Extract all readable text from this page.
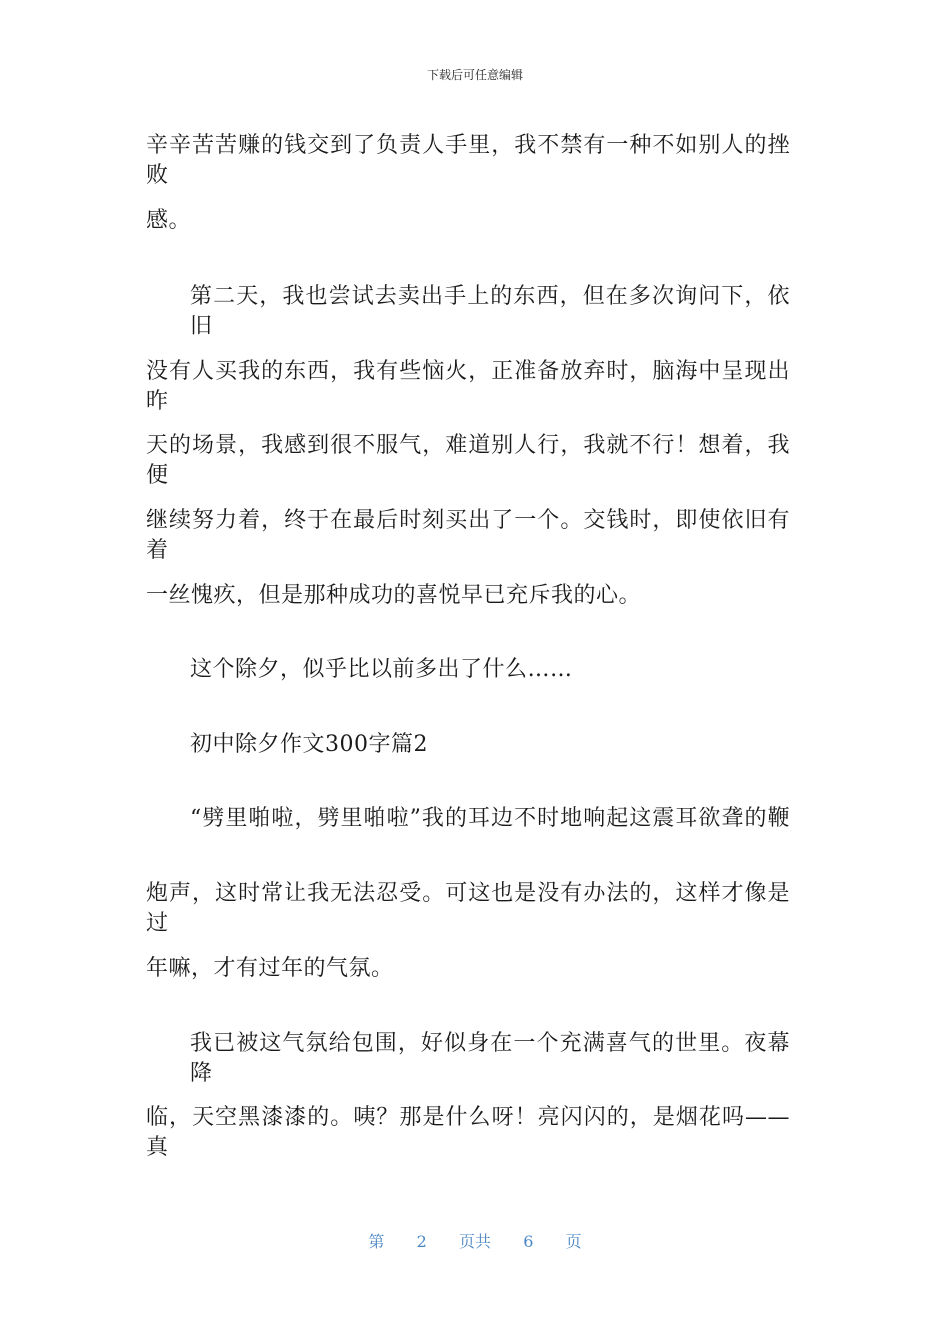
下载后可任意编辑
辛辛苦苦赚的钱交到了负责人手里，我不禁有一种不如别人的挫败
感。
第二天，我也尝试去卖出手上的东西，但在多次询问下，依旧
没有人买我的东西，我有些恼火，正准备放弃时，脑海中呈现出昨
天的场景，我感到很不服气，难道别人行，我就不行！想着，我便
继续努力着，终于在最后时刻买出了一个。交钱时，即使依旧有着
一丝愧疚，但是那种成功的喜悦早已充斥我的心。
这个除夕，似乎比以前多出了什么……
初中除夕作文300字篇2
“劈里啪啦，劈里啪啦”我的耳边不时地响起这震耳欲聋的鞭
炮声，这时常让我无法忍受。可这也是没有办法的，这样才像是过
年嘛，才有过年的气氛。
我已被这气氛给包围，好似身在一个充满喜气的世里。夜幕降
临，天空黑漆漆的。咦？那是什么呀！亮闪闪的，是烟花吗——真
第 2 页共 6 页
